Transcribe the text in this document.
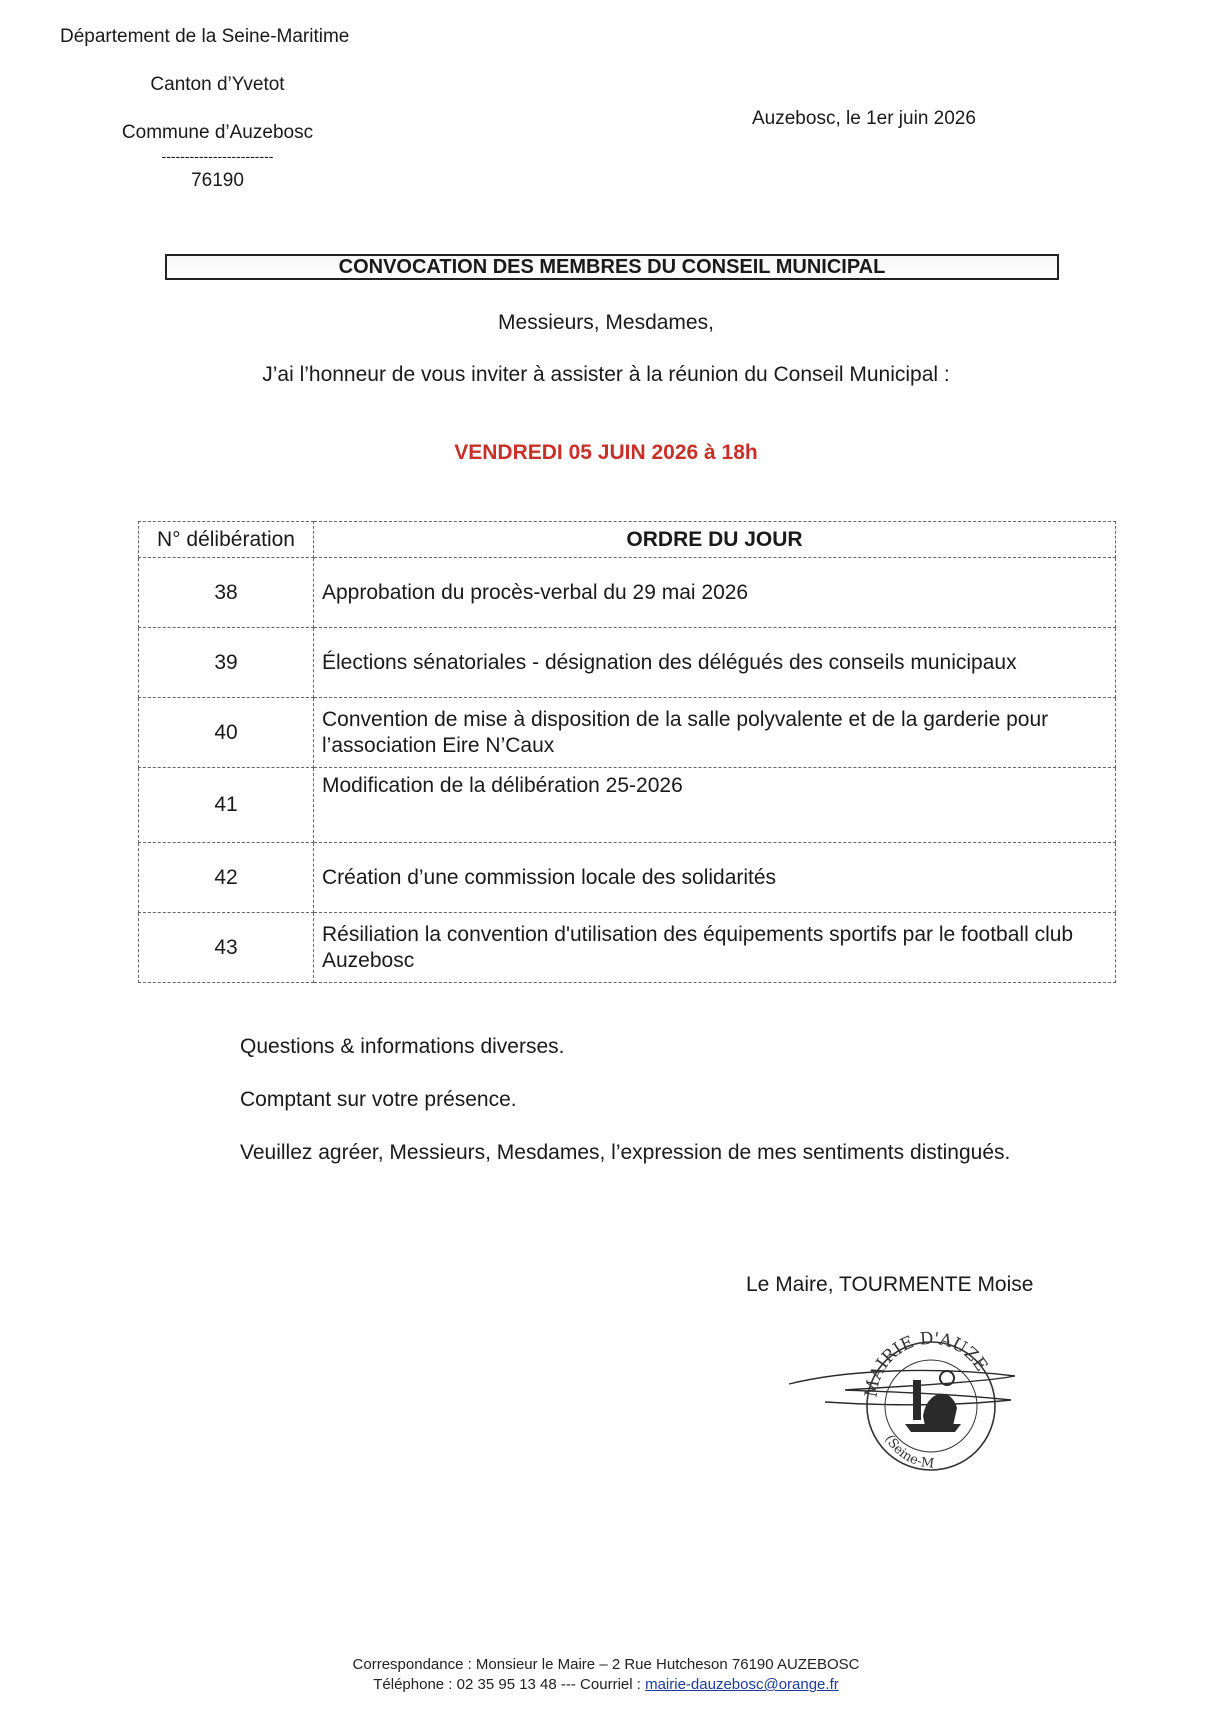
Département de la Seine-Maritime
Canton d’Yvetot
Commune d’Auzebosc
------------------------
76190
Auzebosc, le 1er juin 2026
CONVOCATION DES MEMBRES DU CONSEIL MUNICIPAL
Messieurs, Mesdames,
J’ai l’honneur de vous inviter à assister à la réunion du Conseil Municipal :
VENDREDI 05 JUIN 2026 à 18h
N° délibération	ORDRE DU JOUR
38	Approbation du procès-verbal du 29 mai 2026
39	Élections sénatoriales - désignation des délégués des conseils municipaux
40	Convention de mise à disposition de la salle polyvalente et de la garderie pour l’association Eire N’Caux
41	Modification de la délibération 25-2026
42	Création d’une commission locale des solidarités
43	Résiliation la convention d'utilisation des équipements sportifs par le football club Auzebosc
Questions & informations diverses.
Comptant sur votre présence.
Veuillez agréer, Messieurs, Mesdames, l’expression de mes sentiments distingués.
Le Maire, TOURMENTE Moise
MAIRIE D'AUZE
(Seine-M
Correspondance : Monsieur le Maire – 2 Rue Hutcheson 76190 AUZEBOSC
Téléphone : 02 35 95 13 48 --- Courriel : mairie-dauzebosc@orange.fr
